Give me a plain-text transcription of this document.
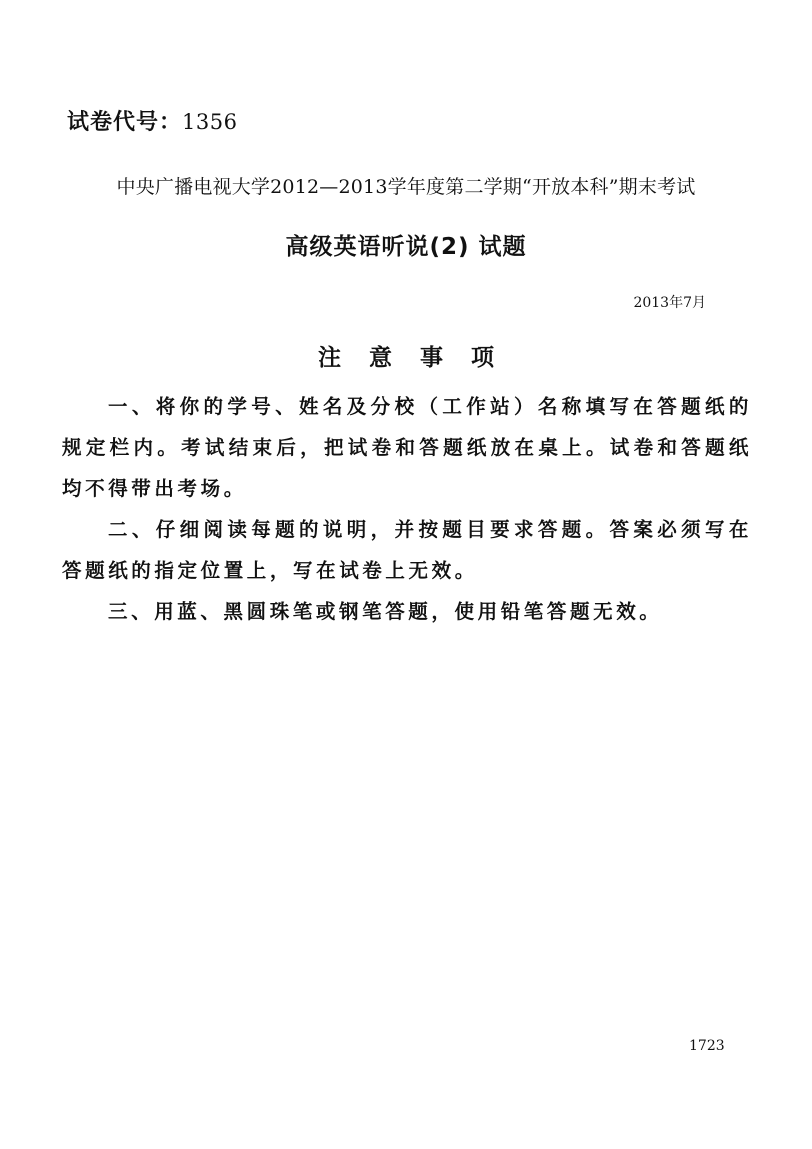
试卷代号：1356
中央广播电视大学2012—2013学年度第二学期“开放本科”期末考试
高级英语听说(2) 试题
2013年7月
注意事项

一、将你的学号、姓名及分校（工作站）名称填写在答题纸的规定栏内。考试结束后，把试卷和答题纸放在桌上。试卷和答题纸均不得带出考场。

二、仔细阅读每题的说明，并按题目要求答题。答案必须写在答题纸的指定位置上，写在试卷上无效。

三、用蓝、黑圆珠笔或钢笔答题，使用铅笔答题无效。

1723
